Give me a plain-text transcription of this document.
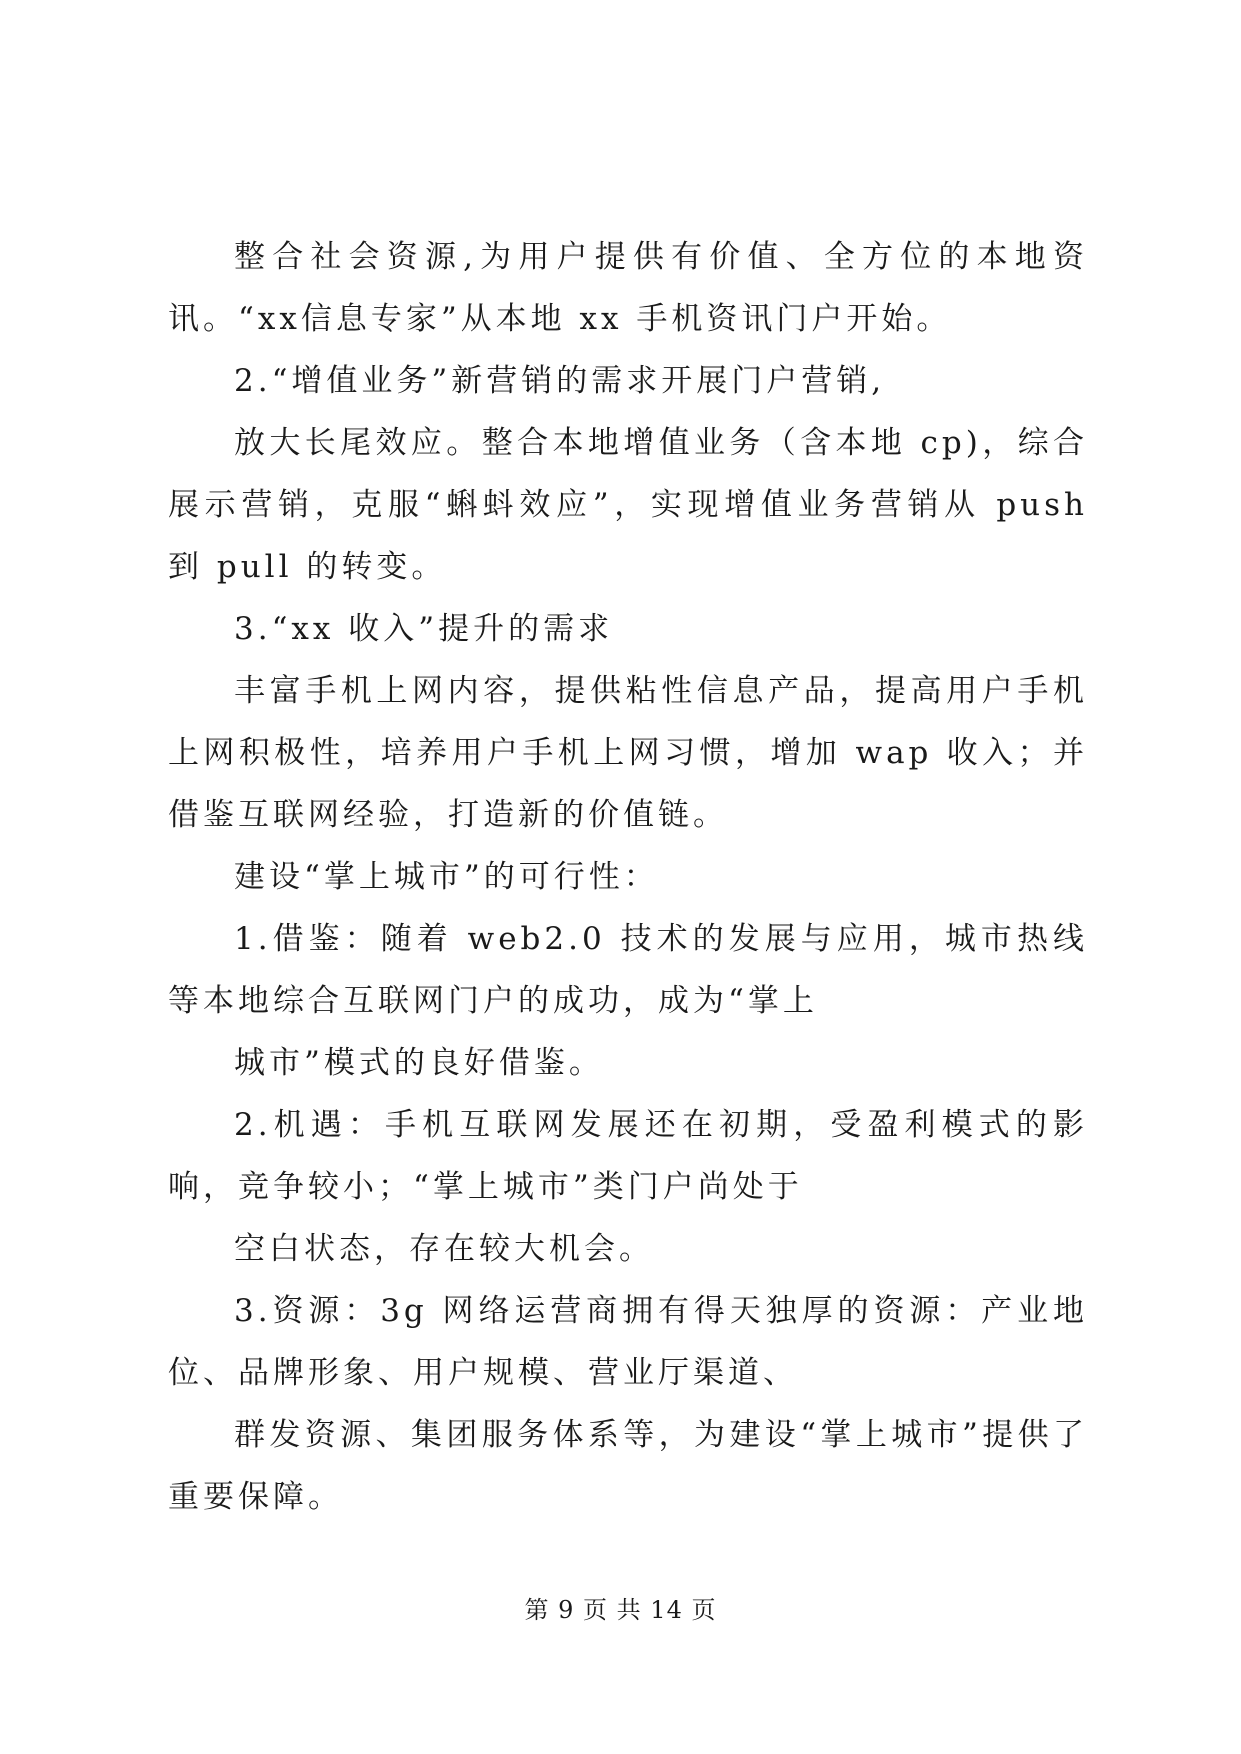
整合社会资源,为用户提供有价值、全方位的本地资讯。“xx信息专家”从本地 xx 手机资讯门户开始。

2.“增值业务”新营销的需求开展门户营销,

放大长尾效应。整合本地增值业务（含本地 cp)，综合展示营销，克服“蝌蚪效应”，实现增值业务营销从 push 到 pull 的转变。

3.“xx 收入”提升的需求

丰富手机上网内容，提供粘性信息产品，提高用户手机上网积极性，培养用户手机上网习惯，增加 wap 收入；并借鉴互联网经验，打造新的价值链。

建设“掌上城市”的可行性：

1.借鉴：随着 web2.0 技术的发展与应用，城市热线等本地综合互联网门户的成功，成为“掌上

城市”模式的良好借鉴。

2.机遇：手机互联网发展还在初期，受盈利模式的影响，竞争较小；“掌上城市”类门户尚处于

空白状态，存在较大机会。

3.资源：3g 网络运营商拥有得天独厚的资源：产业地位、品牌形象、用户规模、营业厅渠道、

群发资源、集团服务体系等，为建设“掌上城市”提供了重要保障。

第 9 页 共 14 页
